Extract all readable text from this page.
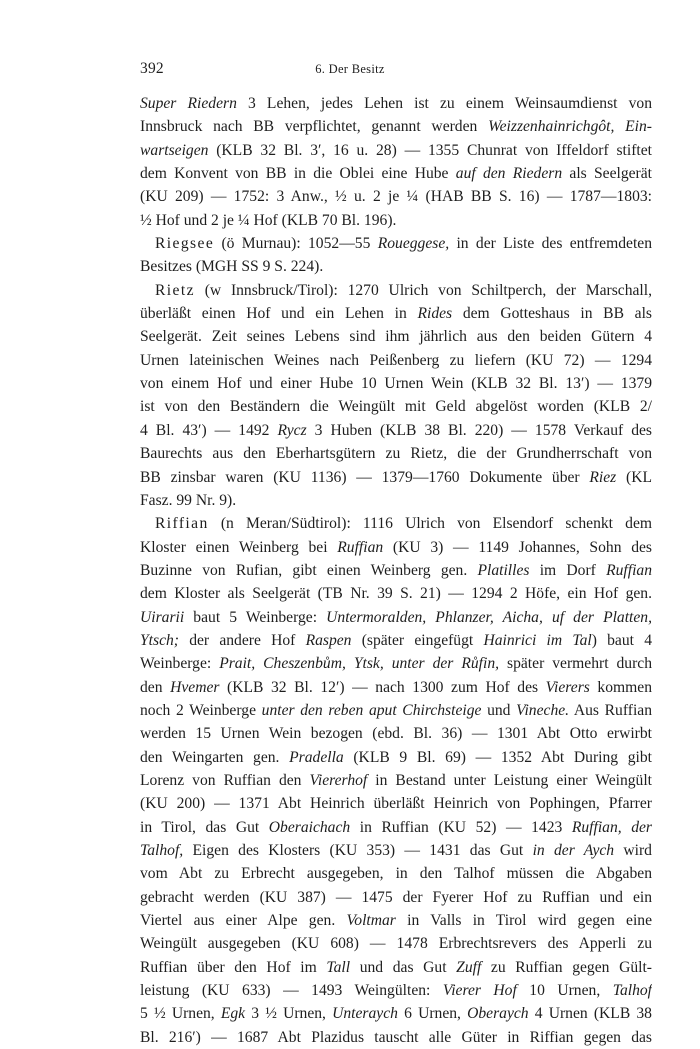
392	6. Der Besitz
Super Riedern 3 Lehen, jedes Lehen ist zu einem Weinsaumdienst von
Innsbruck nach BB verpflichtet, genannt werden Weizzenhainrichgôt, Ein-
wartseigen (KLB 32 Bl. 3′, 16 u. 28) — 1355 Chunrat von Iffeldorf stiftet
dem Konvent von BB in die Oblei eine Hube auf den Riedern als Seelgerät
(KU 209) — 1752: 3 Anw., ½ u. 2 je ¼ (HAB BB S. 16) — 1787—1803:
½ Hof und 2 je ¼ Hof (KLB 70 Bl. 196).
Riegsee (ö Murnau): 1052—55 Roueggese, in der Liste des entfremdeten
Besitzes (MGH SS 9 S. 224).
Rietz (w Innsbruck/Tirol): 1270 Ulrich von Schiltperch, der Marschall,
überläßt einen Hof und ein Lehen in Rides dem Gotteshaus in BB als
Seelgerät. Zeit seines Lebens sind ihm jährlich aus den beiden Gütern 4
Urnen lateinischen Weines nach Peißenberg zu liefern (KU 72) — 1294
von einem Hof und einer Hube 10 Urnen Wein (KLB 32 Bl. 13′) — 1379
ist von den Beständern die Weingült mit Geld abgelöst worden (KLB 2/
4 Bl. 43′) — 1492 Rycz 3 Huben (KLB 38 Bl. 220) — 1578 Verkauf des
Baurechts aus den Eberhartsgütern zu Rietz, die der Grundherrschaft von
BB zinsbar waren (KU 1136) — 1379—1760 Dokumente über Riez (KL
Fasz. 99 Nr. 9).
Riffian (n Meran/Südtirol): 1116 Ulrich von Elsendorf schenkt dem
Kloster einen Weinberg bei Ruffian (KU 3) — 1149 Johannes, Sohn des
Buzinne von Rufian, gibt einen Weinberg gen. Platilles im Dorf Ruffian
dem Kloster als Seelgerät (TB Nr. 39 S. 21) — 1294 2 Höfe, ein Hof gen.
Uirarii baut 5 Weinberge: Untermoralden, Phlanzer, Aicha, uf der Platten,
Ytsch; der andere Hof Raspen (später eingefügt Hainrici im Tal) baut 4
Weinberge: Prait, Cheszenbům, Ytsk, unter der Růfin, später vermehrt durch
den Hvemer (KLB 32 Bl. 12′) — nach 1300 zum Hof des Vierers kommen
noch 2 Weinberge unter den reben aput Chirchsteige und Vineche. Aus Ruffian
werden 15 Urnen Wein bezogen (ebd. Bl. 36) — 1301 Abt Otto erwirbt
den Weingarten gen. Pradella (KLB 9 Bl. 69) — 1352 Abt During gibt
Lorenz von Ruffian den Viererhof in Bestand unter Leistung einer Weingült
(KU 200) — 1371 Abt Heinrich überläßt Heinrich von Pophingen, Pfarrer
in Tirol, das Gut Oberaichach in Ruffian (KU 52) — 1423 Ruffian, der
Talhof, Eigen des Klosters (KU 353) — 1431 das Gut in der Aych wird
vom Abt zu Erbrecht ausgegeben, in den Talhof müssen die Abgaben
gebracht werden (KU 387) — 1475 der Fyerer Hof zu Ruffian und ein
Viertel aus einer Alpe gen. Voltmar in Valls in Tirol wird gegen eine
Weingült ausgegeben (KU 608) — 1478 Erbrechtsrevers des Apperli zu
Ruffian über den Hof im Tall und das Gut Zuff zu Ruffian gegen Gült-
leistung (KU 633) — 1493 Weingülten: Vierer Hof 10 Urnen, Talhof
5 ½ Urnen, Egk 3 ½ Urnen, Unteraych 6 Urnen, Oberaych 4 Urnen (KLB 38
Bl. 216′) — 1687 Abt Plazidus tauscht alle Güter in Riffian gegen das
